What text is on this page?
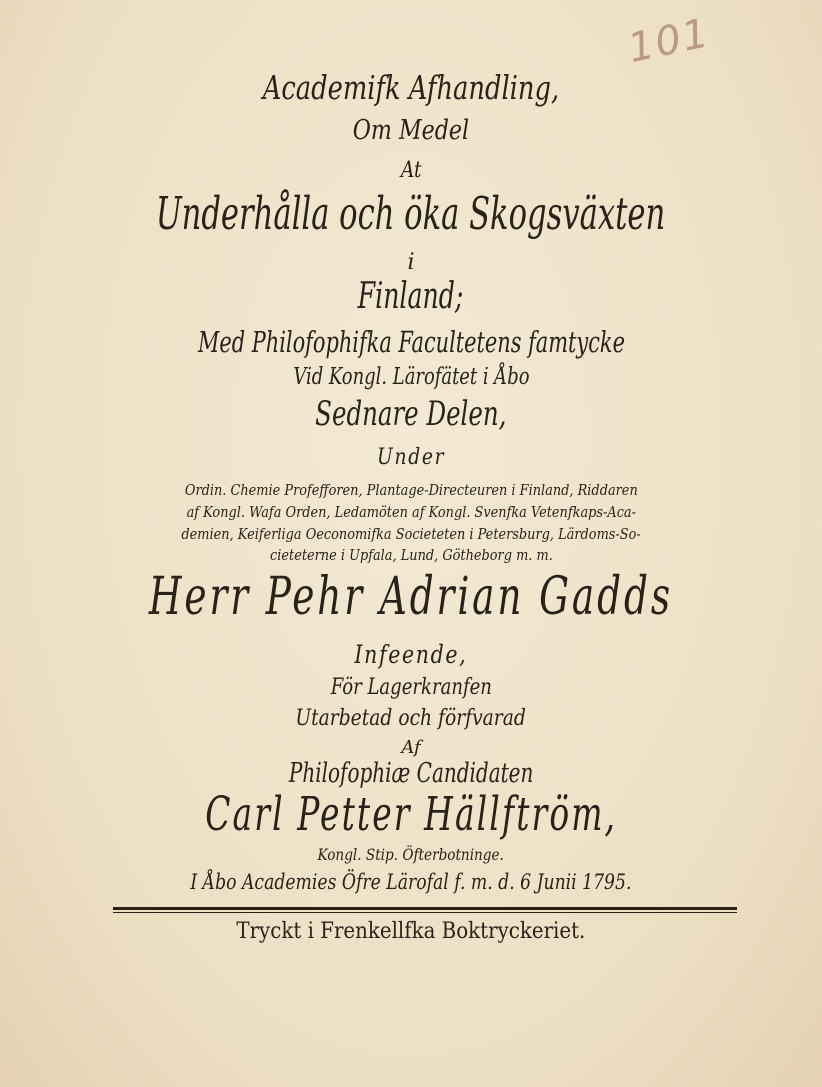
101
Academifk Afhandling,
Om Medel
At
Underhålla och öka Skogsväxten
i
Finland;
Med Philofophifka Facultetens famtycke
Vid Kongl. Lärofätet i Åbo
Sednare Delen,
Under
Ordin. Chemie Profefforen, Plantage-Directeuren i Finland, Riddaren
af Kongl. Wafa Orden, Ledamöten af Kongl. Svenfka Vetenfkaps-Aca-
demien, Keiferliga Oeconomifka Societeten i Petersburg, Lärdoms-So-
cieteterne i Upfala, Lund, Götheborg m. m.
Herr Pehr Adrian Gadds
Infeende,
För Lagerkranfen
Utarbetad och förfvarad
Af
Philofophiæ Candidaten
Carl Petter Hällftröm,
Kongl. Stip. Öfterbotninge.
I Åbo Academies Öfre Lärofal f. m. d. 6 Junii 1795.
Tryckt i Frenkellfka Boktryckeriet.
